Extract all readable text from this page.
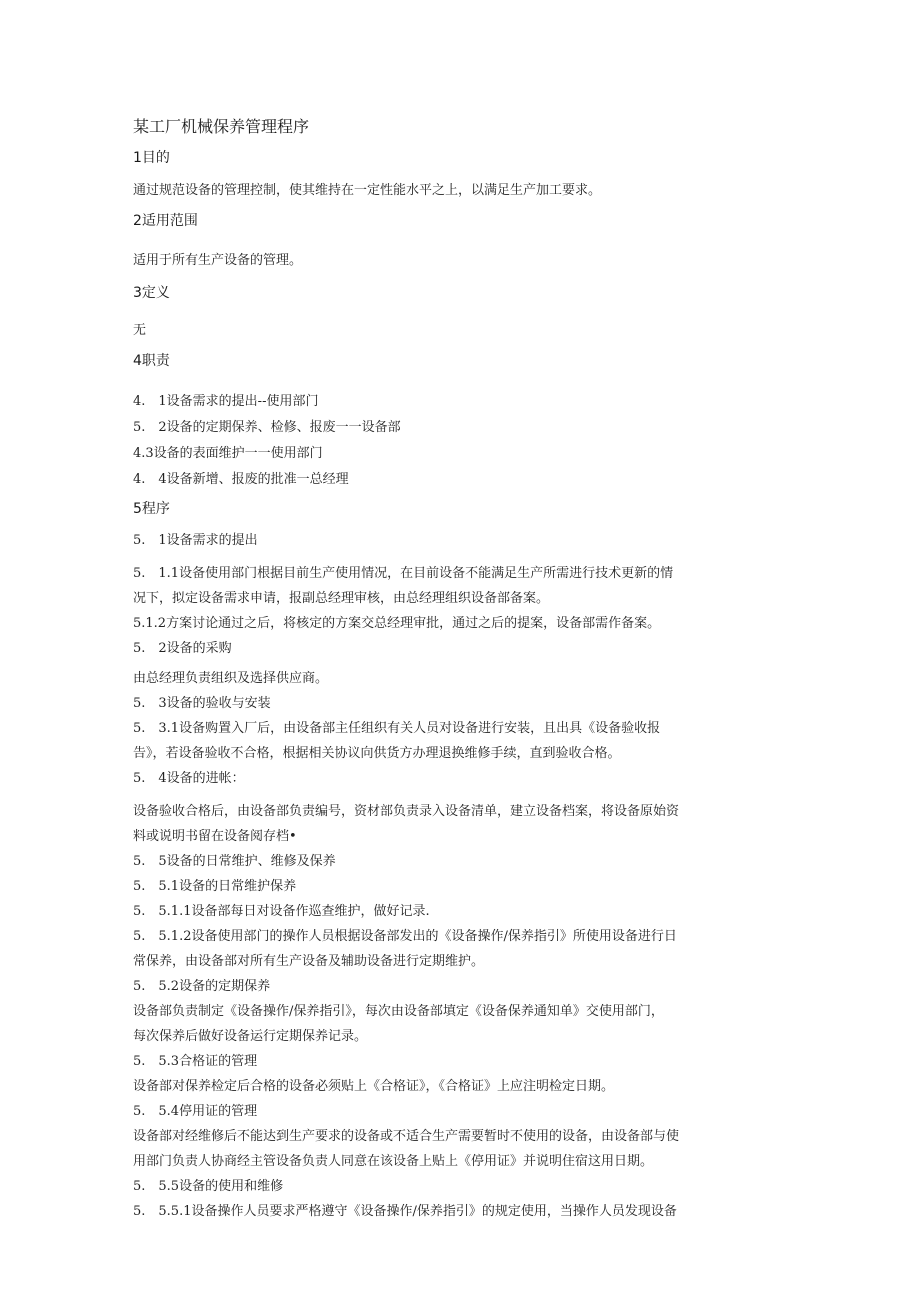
某工厂机械保养管理程序
1目的
通过规范设备的管理控制，使其维持在一定性能水平之上，以满足生产加工要求。
2适用范围
适用于所有生产设备的管理。
3定义
无
4职责
4.　1设备需求的提出--使用部门
5.　2设备的定期保养、检修、报废一一设备部
4.3设备的表面维护一一使用部门
4.　4设备新增、报废的批准一总经理
5程序
5.　1设备需求的提出
5.　1.1设备使用部门根据目前生产使用情况，在目前设备不能满足生产所需进行技术更新的情
况下，拟定设备需求申请，报副总经理审核，由总经理组织设备部备案。
5.1.2方案讨论通过之后，将核定的方案交总经理审批，通过之后的提案，设备部需作备案。
5.　2设备的采购
由总经理负责组织及选择供应商。
5.　3设备的验收与安装
5.　3.1设备购置入厂后，由设备部主任组织有关人员对设备进行安装，且出具《设备验收报
告》，若设备验收不合格，根据相关协议向供货方办理退换维修手续，直到验收合格。
5.　4设备的进帐：
设备验收合格后，由设备部负责编号，资材部负责录入设备清单，建立设备档案，将设备原始资
料或说明书留在设备阅存档•
5.　5设备的日常维护、维修及保养
5.　5.1设备的日常维护保养
5.　5.1.1设备部每日对设备作巡查维护，做好记录.
5.　5.1.2设备使用部门的操作人员根据设备部发出的《设备操作/保养指引》所使用设备进行日
常保养，由设备部对所有生产设备及辅助设备进行定期维护。
5.　5.2设备的定期保养
设备部负责制定《设备操作/保养指引》，每次由设备部填定《设备保养通知单》交使用部门，
每次保养后做好设备运行定期保养记录。
5.　5.3合格证的管理
设备部对保养检定后合格的设备必须贴上《合格证》，《合格证》上应注明检定日期。
5.　5.4停用证的管理
设备部对经维修后不能达到生产要求的设备或不适合生产需要暂时不使用的设备，由设备部与使
用部门负责人协商经主管设备负责人同意在该设备上贴上《停用证》并说明住宿这用日期。
5.　5.5设备的使用和维修
5.　5.5.1设备操作人员要求严格遵守《设备操作/保养指引》的规定使用，当操作人员发现设备
